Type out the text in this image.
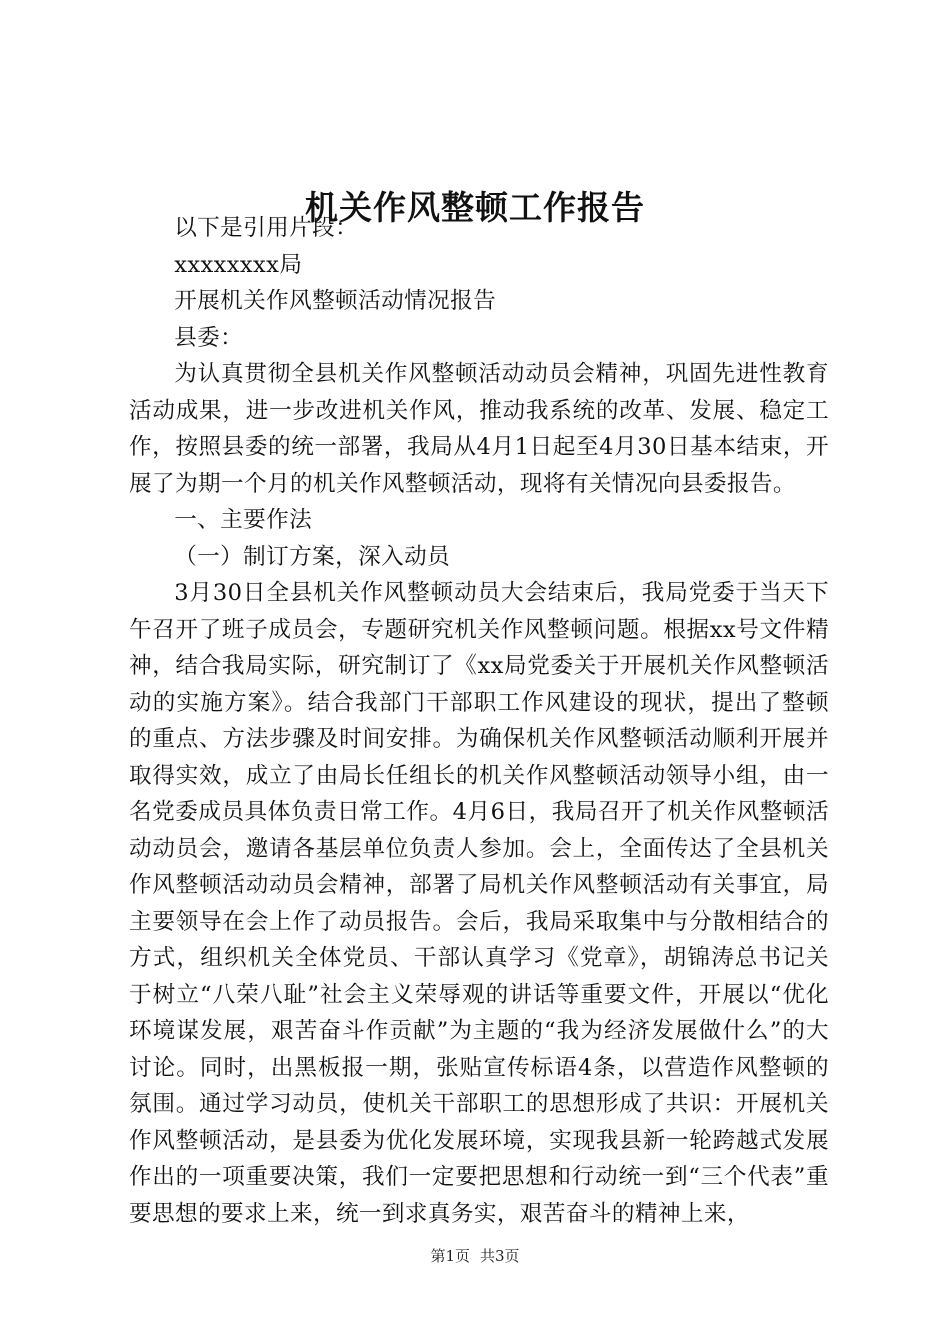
机关作风整顿工作报告

以下是引用片段：

xxxxxxxx局

开展机关作风整顿活动情况报告

县委：

为认真贯彻全县机关作风整顿活动动员会精神，巩固先进性教育活动成果，进一步改进机关作风，推动我系统的改革、发展、稳定工作，按照县委的统一部署，我局从4月1日起至4月30日基本结束，开展了为期一个月的机关作风整顿活动，现将有关情况向县委报告。

一、主要作法

（一）制订方案，深入动员

3月30日全县机关作风整顿动员大会结束后，我局党委于当天下午召开了班子成员会，专题研究机关作风整顿问题。根据xx号文件精神，结合我局实际，研究制订了《xx局党委关于开展机关作风整顿活动的实施方案》。结合我部门干部职工作风建设的现状，提出了整顿的重点、方法步骤及时间安排。为确保机关作风整顿活动顺利开展并取得实效，成立了由局长任组长的机关作风整顿活动领导小组，由一名党委成员具体负责日常工作。4月6日，我局召开了机关作风整顿活动动员会，邀请各基层单位负责人参加。会上，全面传达了全县机关作风整顿活动动员会精神，部署了局机关作风整顿活动有关事宜，局主要领导在会上作了动员报告。会后，我局采取集中与分散相结合的方式，组织机关全体党员、干部认真学习《党章》，胡锦涛总书记关于树立“八荣八耻”社会主义荣辱观的讲话等重要文件，开展以“优化环境谋发展，艰苦奋斗作贡献”为主题的“我为经济发展做什么”的大讨论。同时，出黑板报一期，张贴宣传标语4条，以营造作风整顿的氛围。通过学习动员，使机关干部职工的思想形成了共识：开展机关作风整顿活动，是县委为优化发展环境，实现我县新一轮跨越式发展作出的一项重要决策，我们一定要把思想和行动统一到“三个代表”重要思想的要求上来，统一到求真务实，艰苦奋斗的精神上来，

第1页 共3页
